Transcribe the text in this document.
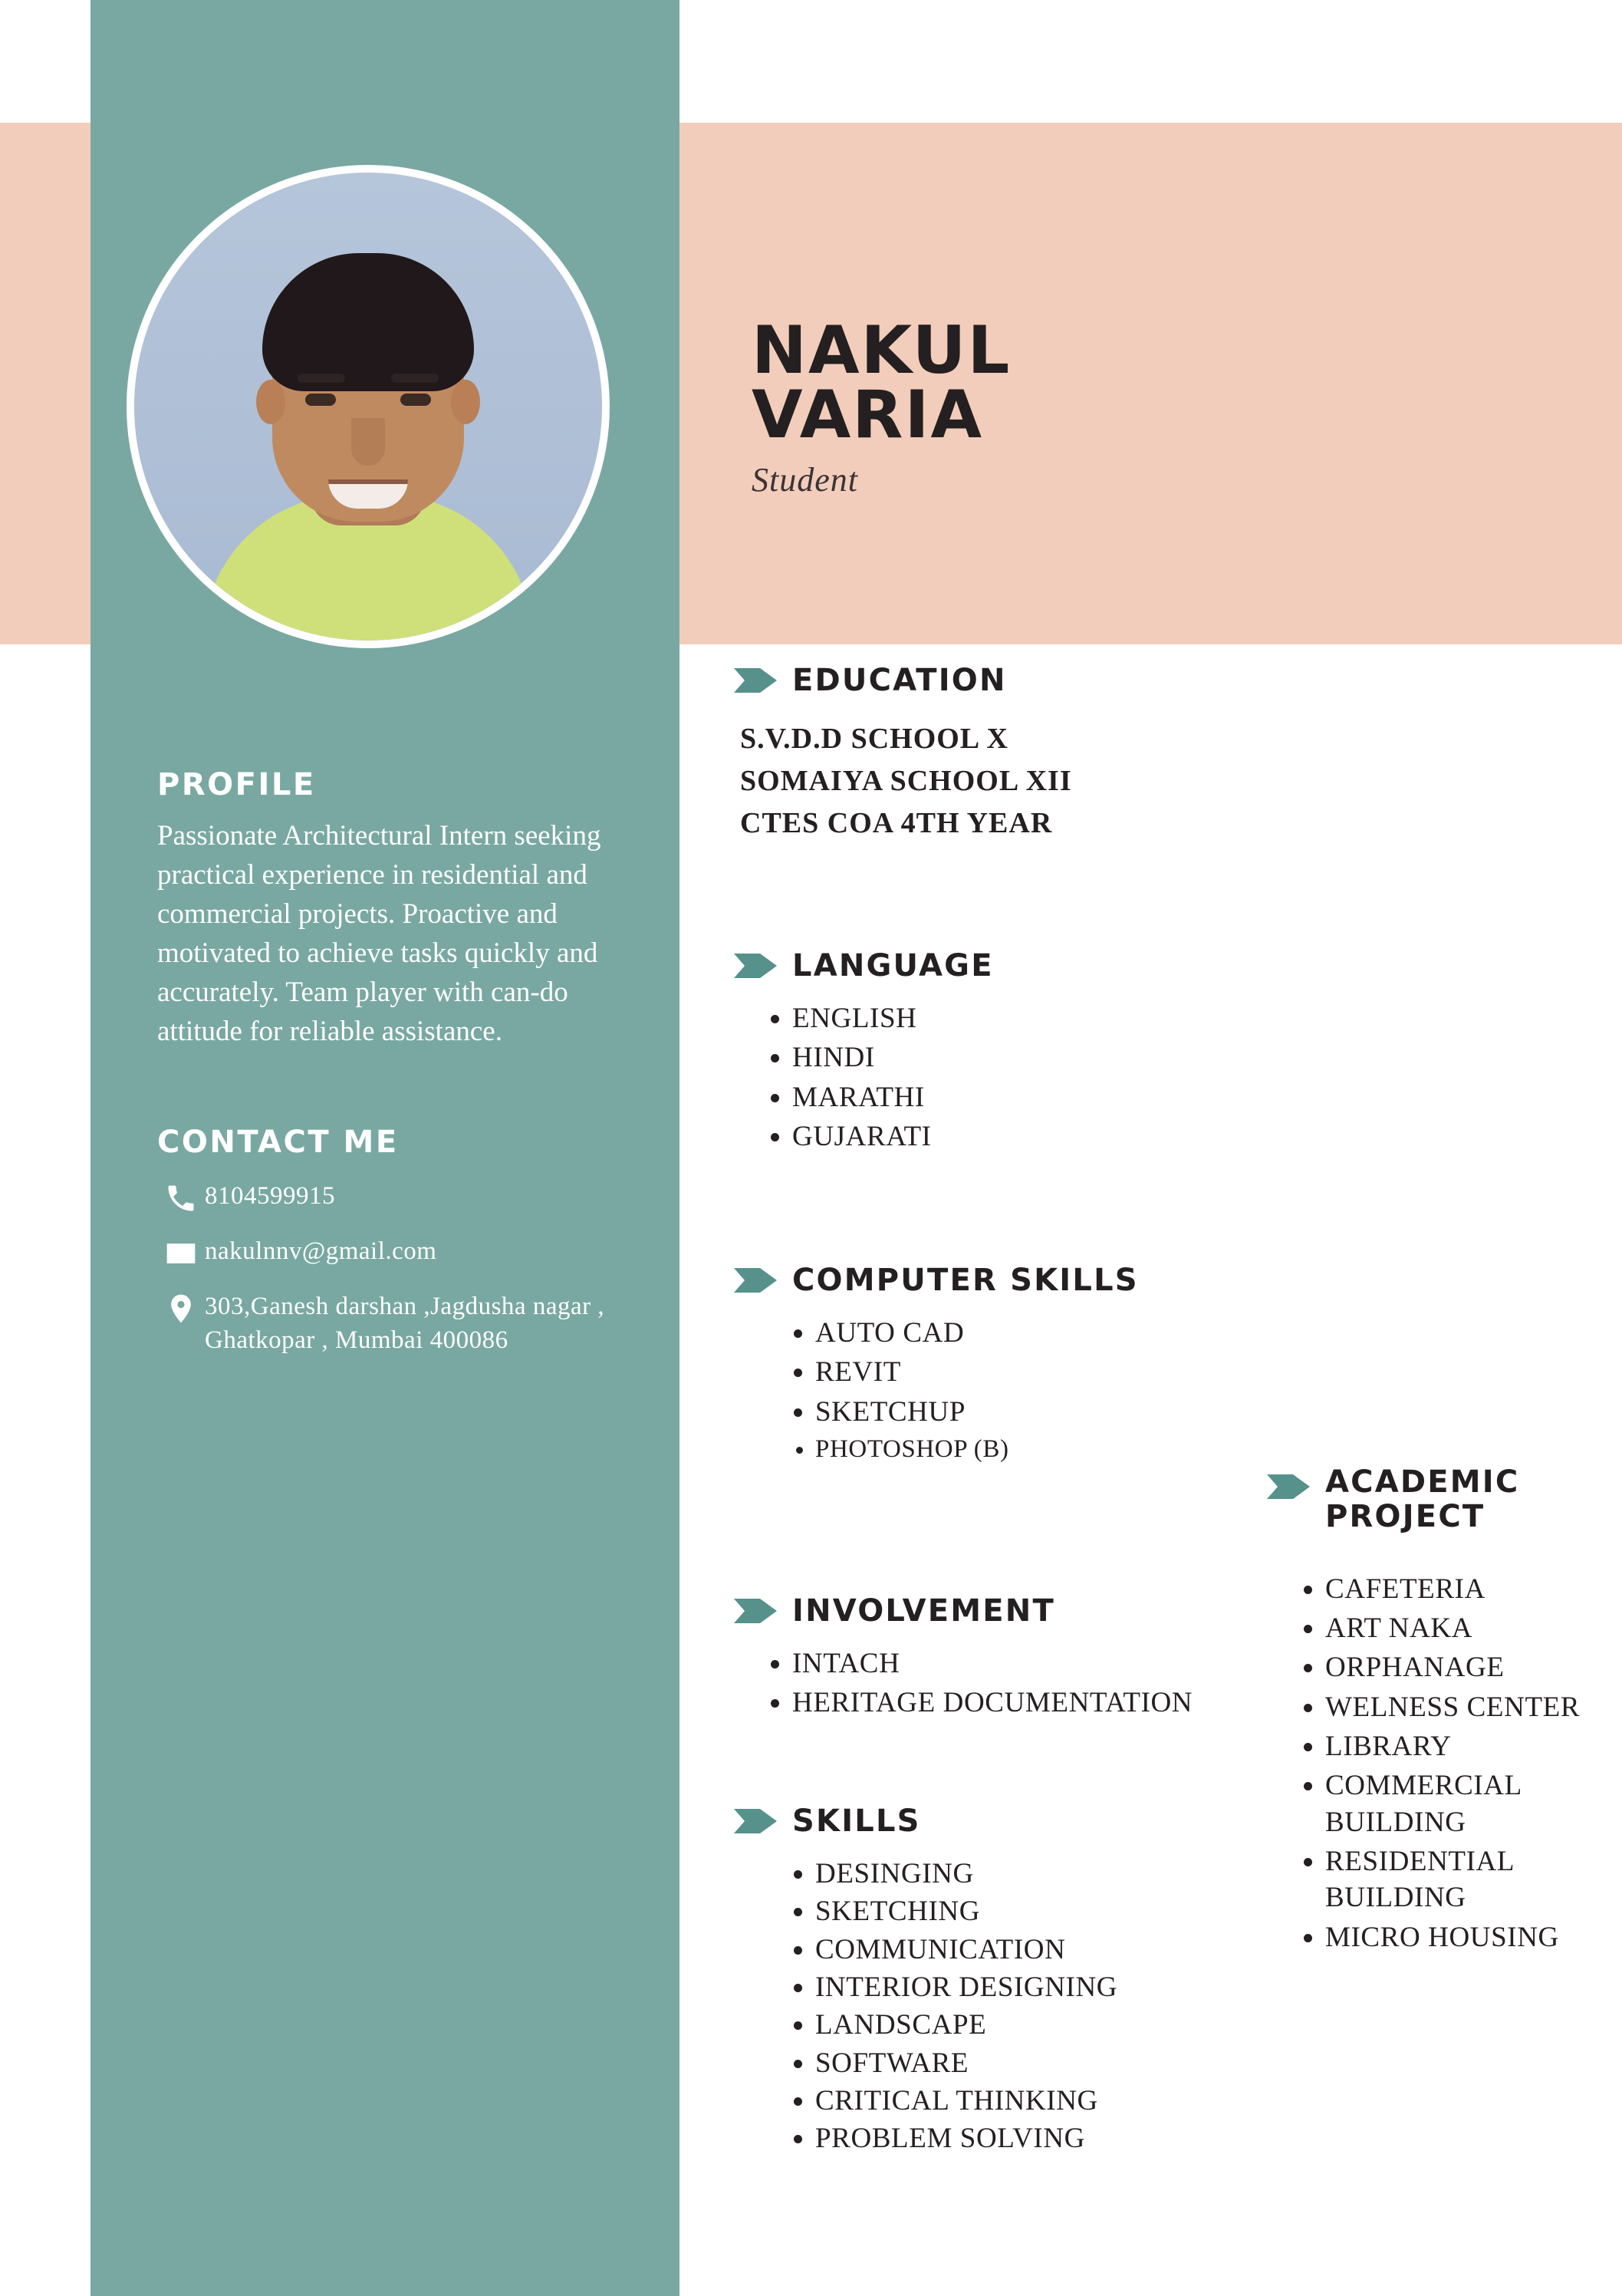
NAKUL
VARIA
Student
PROFILE
Passionate Architectural Intern seeking practical experience in residential and commercial projects. Proactive and motivated to achieve tasks quickly and accurately. Team player with can-do attitude for reliable assistance.
CONTACT ME
8104599915
nakulnnv@gmail.com
303,Ganesh darshan ,Jagdusha nagar , Ghatkopar , Mumbai 400086
EDUCATION
S.V.D.D SCHOOL X
SOMAIYA SCHOOL XII
CTES COA 4TH YEAR
LANGUAGE
• ENGLISH
• HINDI
• MARATHI
• GUJARATI
COMPUTER SKILLS
• AUTO CAD
• REVIT
• SKETCHUP
• PHOTOSHOP (B)
INVOLVEMENT
• INTACH
• HERITAGE DOCUMENTATION
SKILLS
• DESINGING
• SKETCHING
• COMMUNICATION
• INTERIOR DESIGNING
• LANDSCAPE
• SOFTWARE
• CRITICAL THINKING
• PROBLEM SOLVING
ACADEMIC
PROJECT
• CAFETERIA
• ART NAKA
• ORPHANAGE
• WELNESS CENTER
• LIBRARY
• COMMERCIAL BUILDING
• RESIDENTIAL BUILDING
• MICRO HOUSING
